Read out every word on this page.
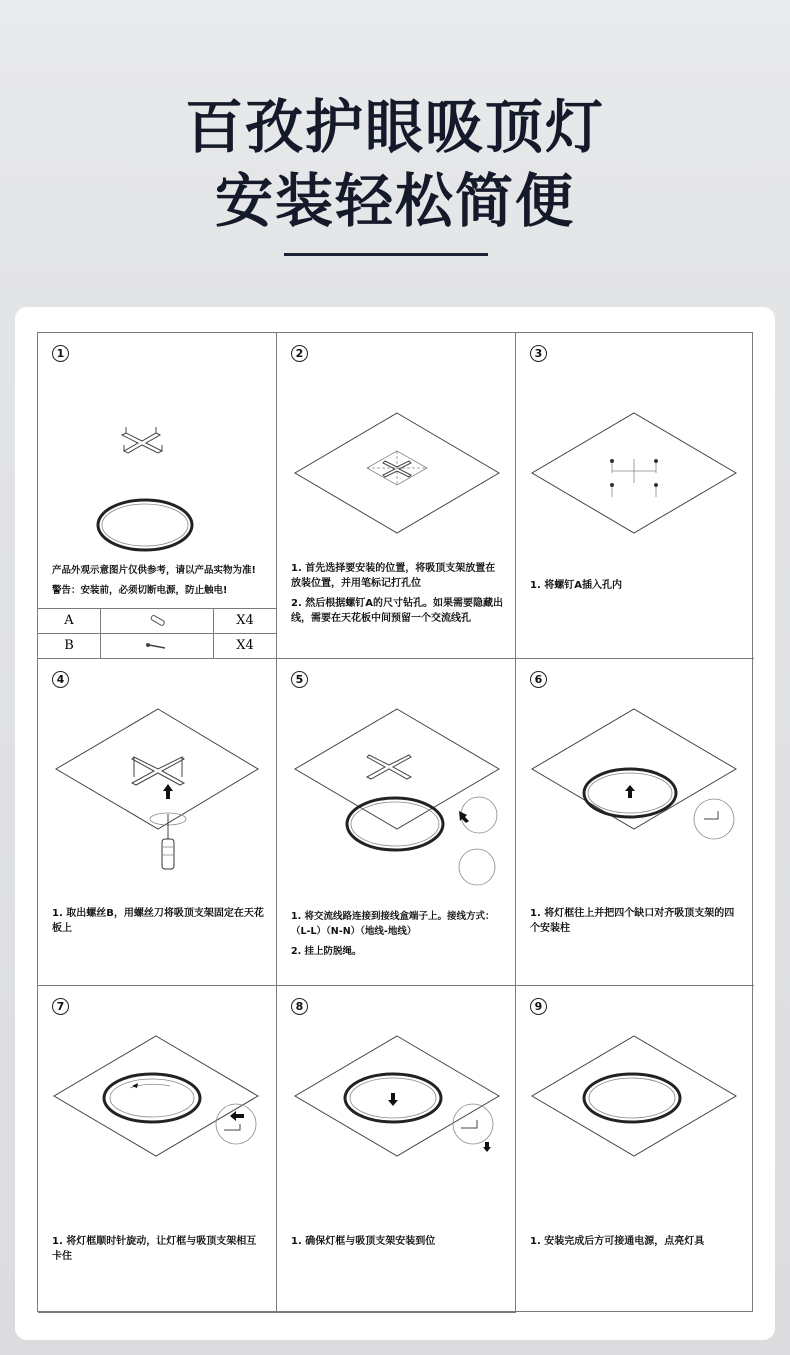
百孜护眼吸顶灯
安装轻松简便
1

产品外观示意图片仅供参考，请以产品实物为准!

警告：安装前，必须切断电源，防止触电!

A	X4
B	X4
2

1. 首先选择要安装的位置，将吸顶支架放置在放装位置，并用笔标记打孔位

2. 然后根据螺钉A的尺寸钻孔。如果需要隐藏出线，需要在天花板中间预留一个交流线孔

3

1. 将螺钉A插入孔内

4

1. 取出螺丝B，用螺丝刀将吸顶支架固定在天花板上

5

1. 将交流线路连接到接线盒端子上。接线方式：（L-L）（N-N）（地线-地线）

2. 挂上防脱绳。

6

1. 将灯框往上并把四个缺口对齐吸顶支架的四个安装柱

7

1. 将灯框顺时针旋动，让灯框与吸顶支架相互卡住

8

1. 确保灯框与吸顶支架安装到位

9

1. 安装完成后方可接通电源，点亮灯具
